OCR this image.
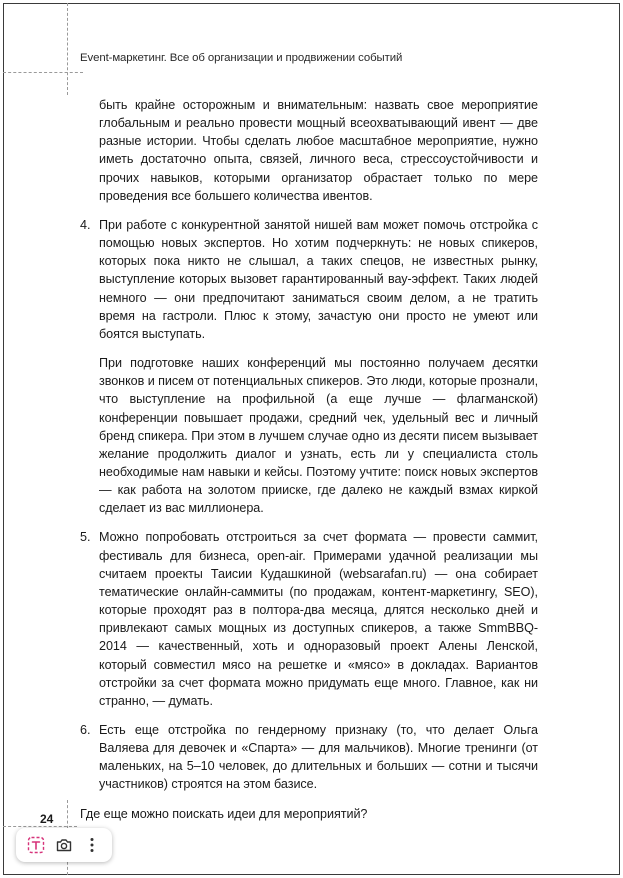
Event-маркетинг. Все об организации и продвижении событий

быть крайне осторожным и внимательным: назвать свое мероприятие глобальным и реально провести мощный всеохватывающий ивент — две разные истории. Чтобы сделать любое масштабное мероприятие, нужно иметь достаточно опыта, связей, личного веса, стрессоустойчивости и прочих навыков, которыми организатор обрастает только по мере проведения все большего количества ивентов.

4. При работе с конкурентной занятой нишей вам может помочь отстройка с помощью новых экспертов. Но хотим подчеркнуть: не новых спикеров, которых пока никто не слышал, а таких спецов, не известных рынку, выступление которых вызовет гарантированный вау-эффект. Таких людей немного — они предпочитают заниматься своим делом, а не тратить время на гастроли. Плюс к этому, зачастую они просто не умеют или боятся выступать.

При подготовке наших конференций мы постоянно получаем десятки звонков и писем от потенциальных спикеров. Это люди, которые прознали, что выступление на профильной (а еще лучше — флагманской) конференции повышает продажи, средний чек, удельный вес и личный бренд спикера. При этом в лучшем случае одно из десяти писем вызывает желание продолжить диалог и узнать, есть ли у специалиста столь необходимые нам навыки и кейсы. Поэтому учтите: поиск новых экспертов — как работа на золотом прииске, где далеко не каждый взмах киркой сделает из вас миллионера.

5. Можно попробовать отстроиться за счет формата — провести саммит, фестиваль для бизнеса, open-air. Примерами удачной реализации мы считаем проекты Таисии Кудашкиной (websarafan.ru) — она собирает тематические онлайн-саммиты (по продажам, контент-маркетингу, SEO), которые проходят раз в полтора-два месяца, длятся несколько дней и привлекают самых мощных из доступных спикеров, а также SmmBBQ-2014 — качественный, хоть и одноразовый проект Алены Ленской, который совместил мясо на решетке и «мясо» в докладах. Вариантов отстройки за счет формата можно придумать еще много. Главное, как ни странно, — думать.

6. Есть еще отстройка по гендерному признаку (то, что делает Ольга Валяева для девочек и «Спарта» — для мальчиков). Многие тренинги (от маленьких, на 5–10 человек, до длительных и больших — сотни и тысячи участников) строятся на этом базисе.

Где еще можно поискать идеи для мероприятий?

24
